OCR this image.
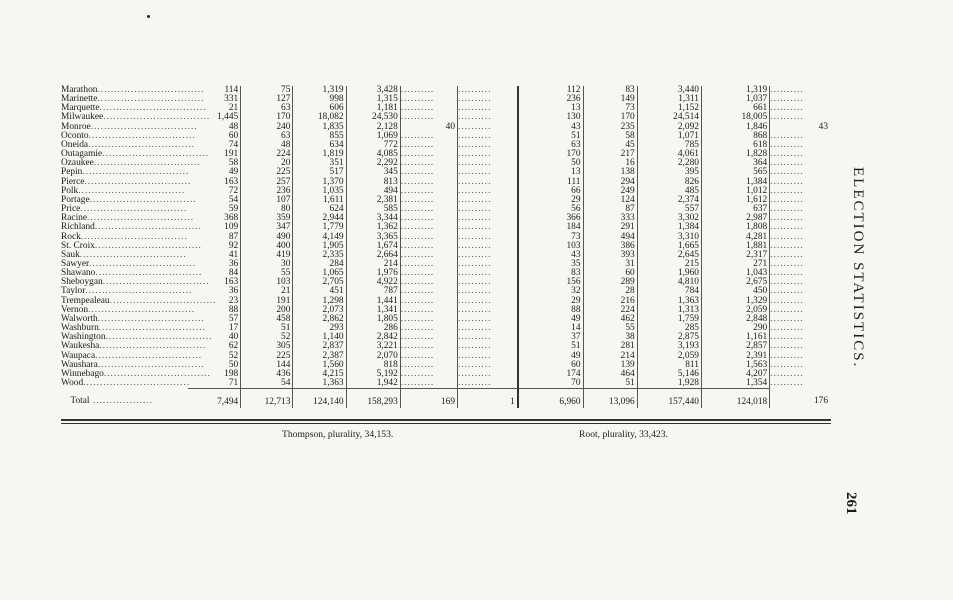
Marathon................................	114	75	1,319	3,428	..........	..........	112	83	3,440	1,319	..........
Marinette................................	331	127	998	1,315	..........	..........	236	149	1,311	1,037	..........
Marquette................................	21	63	606	1,181	..........	..........	13	73	1,152	661	..........
Milwaukee................................	1,445	170	18,082	24,530	..........	..........	130	170	24,514	18,005	..........
Monroe................................	48	240	1,835	2,128	40	..........	43	235	2,092	1,846	43
Oconto................................	60	63	855	1,069	..........	..........	51	58	1,071	868	..........
Oneida................................	74	48	634	772	..........	..........	63	45	785	618	..........
Outagamie................................	191	224	1,819	4,085	..........	..........	170	217	4,061	1,828	..........
Ozaukee................................	58	20	351	2,292	..........	..........	50	16	2,280	364	..........
Pepin................................	49	225	517	345	..........	..........	13	138	395	565	..........
Pierce................................	163	257	1,370	813	..........	..........	111	294	826	1,384	..........
Polk................................	72	236	1,035	494	..........	..........	66	249	485	1,012	..........
Portage................................	54	107	1,611	2,381	..........	..........	29	124	2,374	1,612	..........
Price................................	59	80	624	585	..........	..........	56	87	557	637	..........
Racine................................	368	359	2,944	3,344	..........	..........	366	333	3,302	2,987	..........
Richland................................	109	347	1,779	1,362	..........	..........	184	291	1,384	1,808	..........
Rock................................	87	490	4,149	3,365	..........	..........	73	494	3,310	4,281	..........
St. Croix................................	92	400	1,905	1,674	..........	..........	103	386	1,665	1,881	..........
Sauk................................	41	419	2,335	2,664	..........	..........	43	393	2,645	2,317	..........
Sawyer................................	36	30	284	214	..........	..........	35	31	215	271	..........
Shawano................................	84	55	1,065	1,976	..........	..........	83	60	1,960	1,043	..........
Sheboygan................................	163	103	2,705	4,922	..........	..........	156	289	4,810	2,675	..........
Taylor................................	36	21	451	787	..........	..........	32	28	784	450	..........
Trempealeau................................	23	191	1,298	1,441	..........	..........	29	216	1,363	1,329	..........
Vernon................................	88	200	2,073	1,341	..........	..........	88	224	1,313	2,059	..........
Walworth................................	57	458	2,862	1,805	..........	..........	49	462	1,759	2,848	..........
Washburn................................	17	51	293	286	..........	..........	14	55	285	290	..........
Washington................................	40	52	1,140	2,842	..........	..........	37	38	2,875	1,161	..........
Waukesha................................	62	305	2,837	3,221	..........	..........	51	281	3,193	2,857	..........
Waupaca................................	52	225	2,387	2,070	..........	..........	49	214	2,059	2,391	..........
Waushara................................	50	144	1,560	818	..........	..........	60	139	811	1,563	..........
Winnebago................................	198	436	4,215	5,192	..........	..........	174	464	5,146	4,207	..........
Wood................................	71	54	1,363	1,942	..........	..........	70	51	1,928	1,354	..........
Total ..................	7,494	12,713	124,140	158,293	169	1	6,960	13,096	157,440	124,018	176
Thompson, plurality, 34,153.	Root, plurality, 33,423.
ELECTION STATISTICS.
261
